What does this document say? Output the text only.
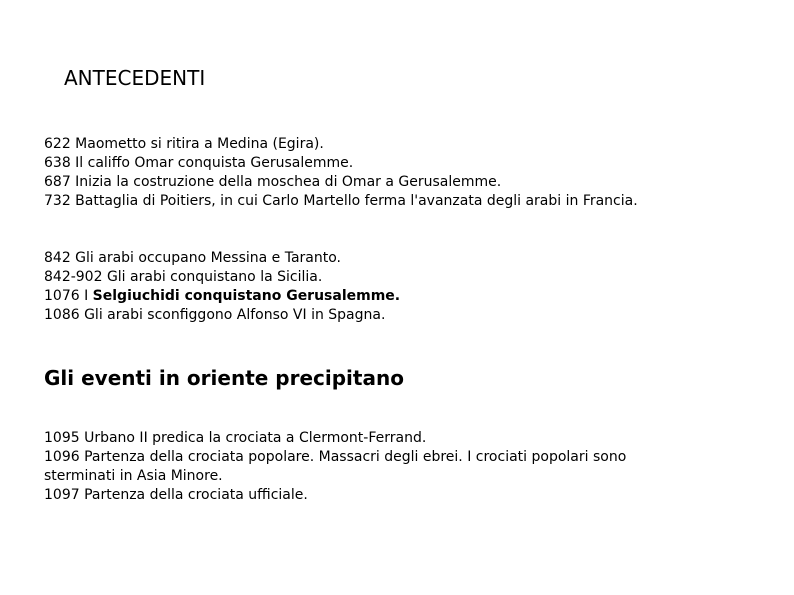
ANTECEDENTI
622 Maometto si ritira a Medina (Egira).
638 Il califfo Omar conquista Gerusalemme.
687 Inizia la costruzione della moschea di Omar a Gerusalemme.
732 Battaglia di Poitiers, in cui Carlo Martello ferma l'avanzata degli arabi in Francia.
842 Gli arabi occupano Messina e Taranto.
842-902 Gli arabi conquistano la Sicilia.
1076 I Selgiuchidi conquistano Gerusalemme.
1086 Gli arabi sconfiggono Alfonso VI in Spagna.
Gli eventi in oriente precipitano
1095 Urbano II predica la crociata a Clermont-Ferrand.
1096 Partenza della crociata popolare. Massacri degli ebrei. I crociati popolari sono
sterminati in Asia Minore.
1097 Partenza della crociata ufficiale.
